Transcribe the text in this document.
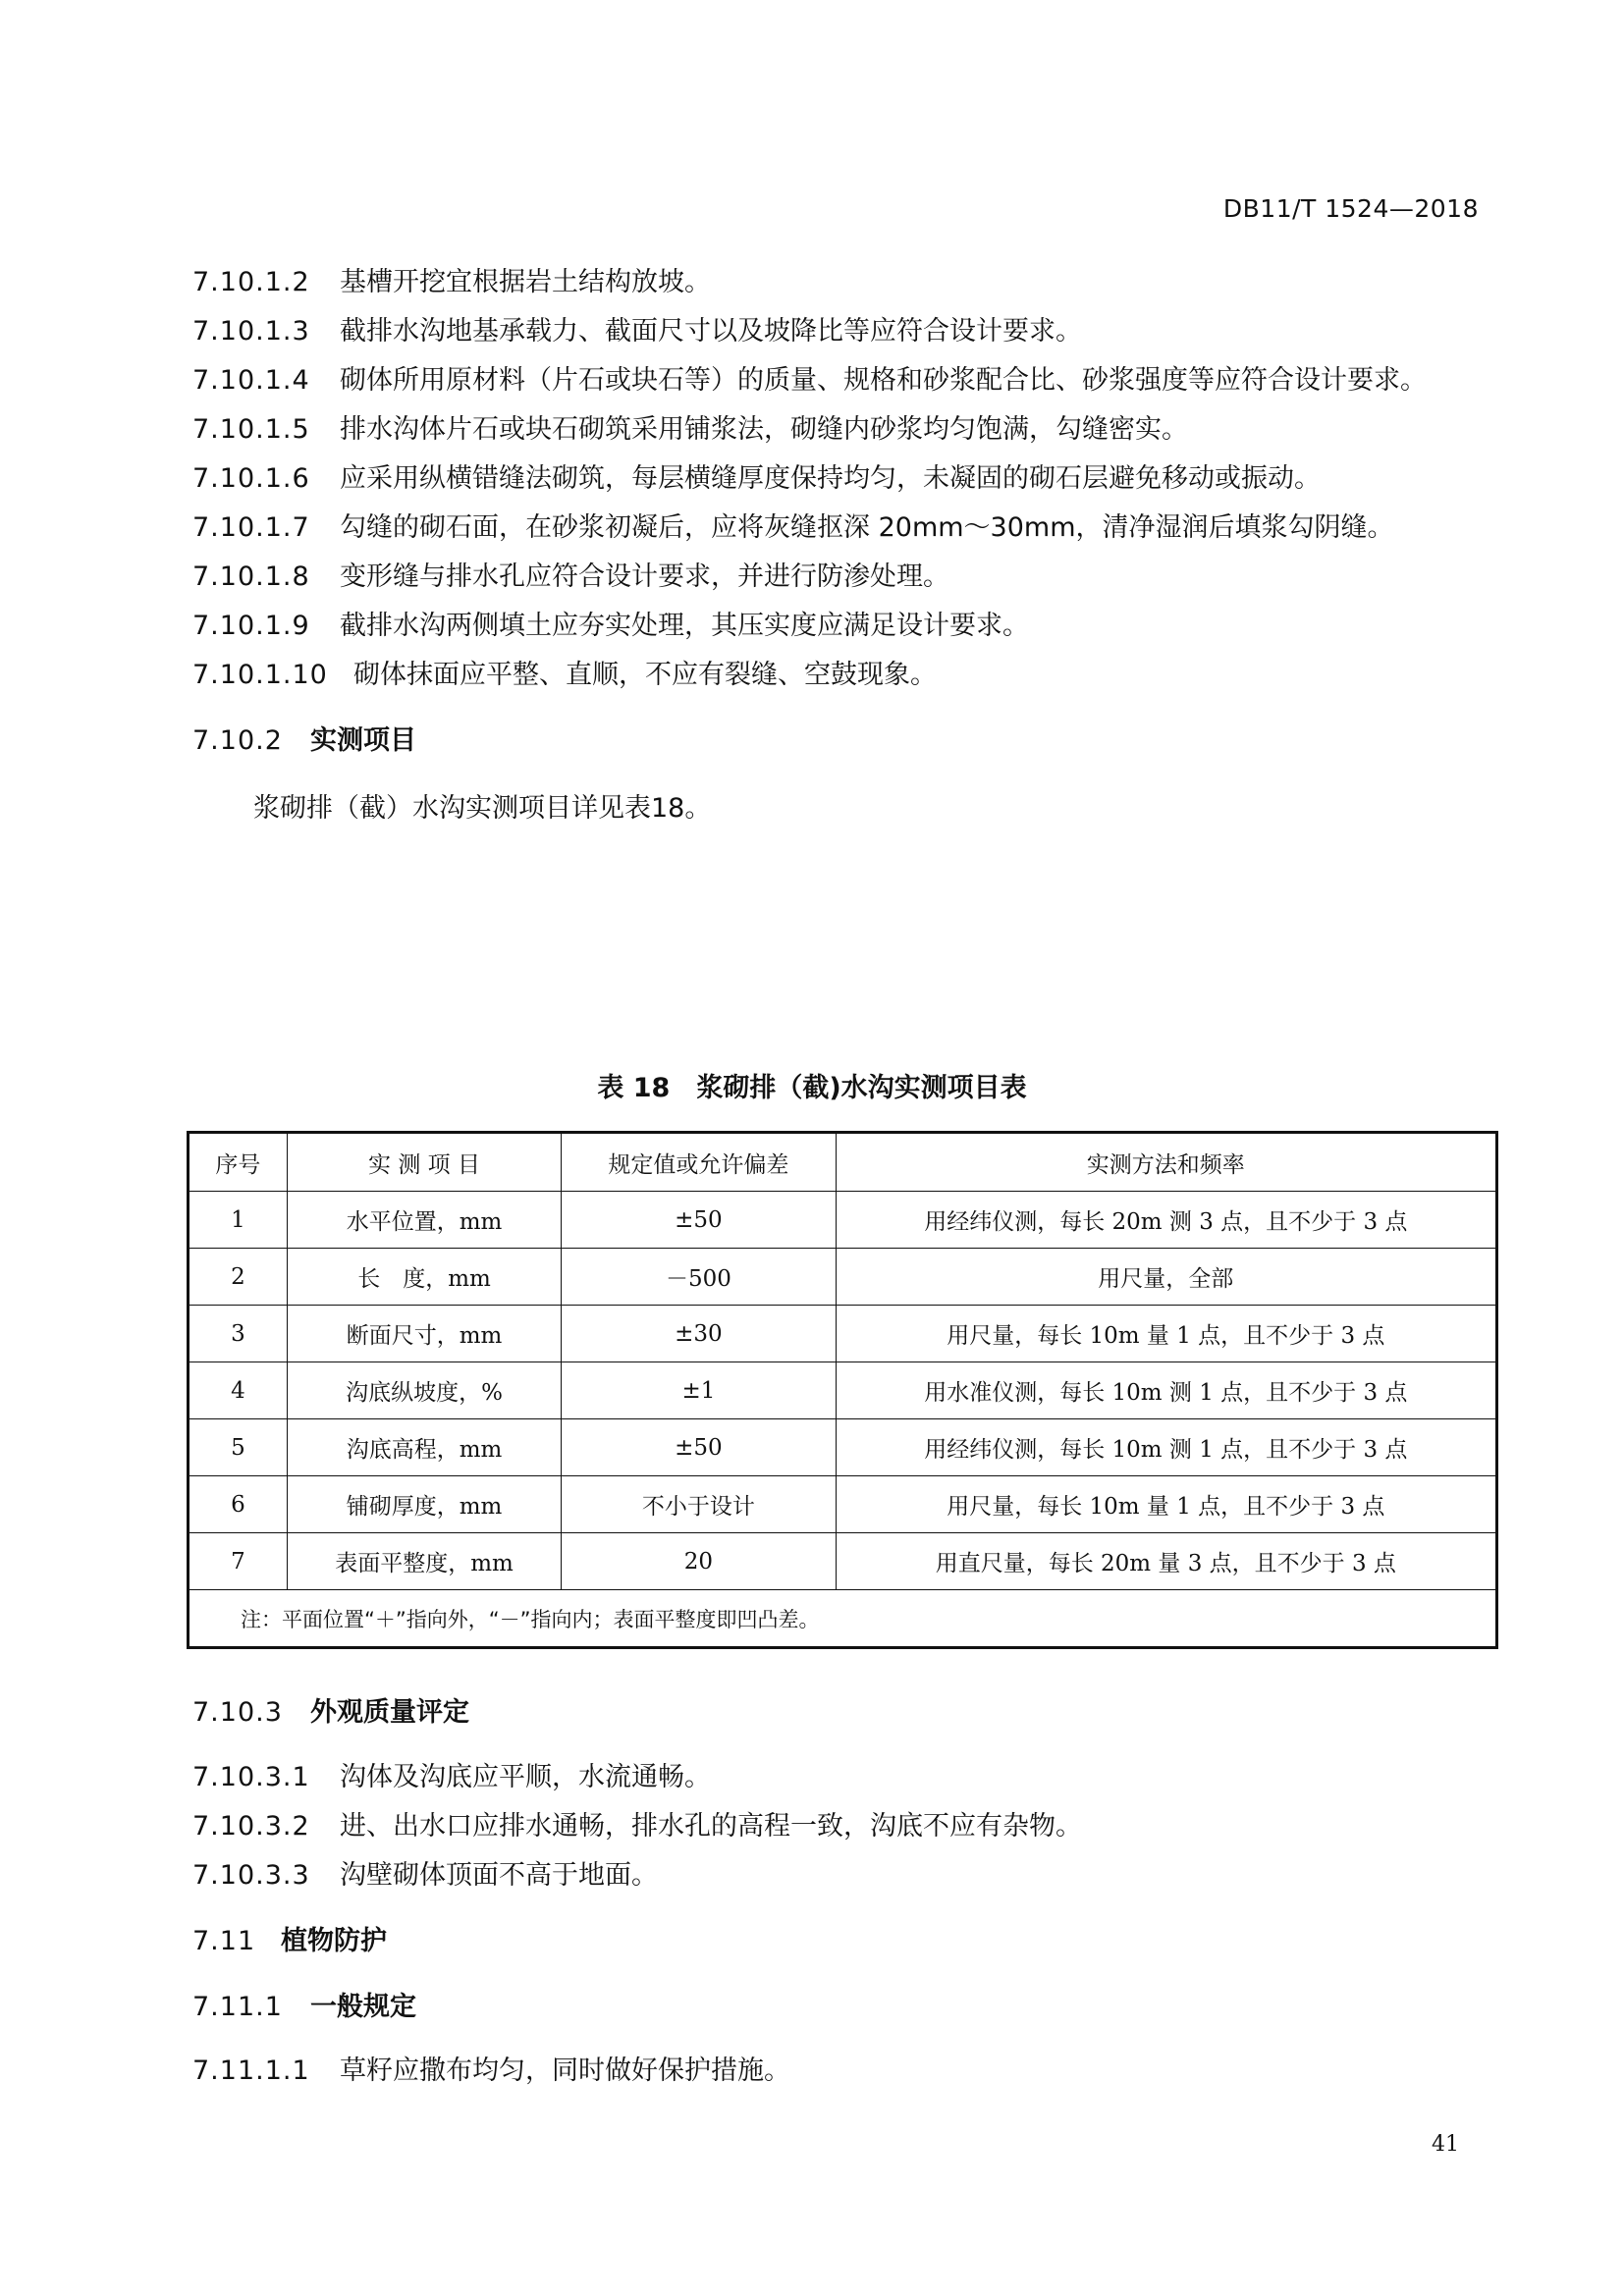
DB11/T 1524—2018
7.10.1.2 基槽开挖宜根据岩土结构放坡。
7.10.1.3 截排水沟地基承载力、截面尺寸以及坡降比等应符合设计要求。
7.10.1.4 砌体所用原材料（片石或块石等）的质量、规格和砂浆配合比、砂浆强度等应符合设计要求。
7.10.1.5 排水沟体片石或块石砌筑采用铺浆法，砌缝内砂浆均匀饱满，勾缝密实。
7.10.1.6 应采用纵横错缝法砌筑，每层横缝厚度保持均匀，未凝固的砌石层避免移动或振动。
7.10.1.7 勾缝的砌石面，在砂浆初凝后，应将灰缝抠深 20mm～30mm，清净湿润后填浆勾阴缝。
7.10.1.8 变形缝与排水孔应符合设计要求，并进行防渗处理。
7.10.1.9 截排水沟两侧填土应夯实处理，其压实度应满足设计要求。
7.10.1.10 砌体抹面应平整、直顺，不应有裂缝、空鼓现象。
7.10.2 实测项目
浆砌排（截）水沟实测项目详见表18。
表 18　浆砌排（截)水沟实测项目表
序号	实 测 项 目	规定值或允许偏差	实测方法和频率
1	水平位置，mm	±50	用经纬仪测，每长 20m 测 3 点，且不少于 3 点
2	长　度，mm	－500	用尺量，全部
3	断面尺寸，mm	±30	用尺量，每长 10m 量 1 点，且不少于 3 点
4	沟底纵坡度，%	±1	用水准仪测，每长 10m 测 1 点，且不少于 3 点
5	沟底高程，mm	±50	用经纬仪测，每长 10m 测 1 点，且不少于 3 点
6	铺砌厚度，mm	不小于设计	用尺量，每长 10m 量 1 点，且不少于 3 点
7	表面平整度，mm	20	用直尺量，每长 20m 量 3 点，且不少于 3 点
注：平面位置“＋”指向外，“－”指向内；表面平整度即凹凸差。			
7.10.3 外观质量评定
7.10.3.1 沟体及沟底应平顺，水流通畅。
7.10.3.2 进、出水口应排水通畅，排水孔的高程一致，沟底不应有杂物。
7.10.3.3 沟壁砌体顶面不高于地面。
7.11 植物防护
7.11.1 一般规定
7.11.1.1 草籽应撒布均匀，同时做好保护措施。
41
